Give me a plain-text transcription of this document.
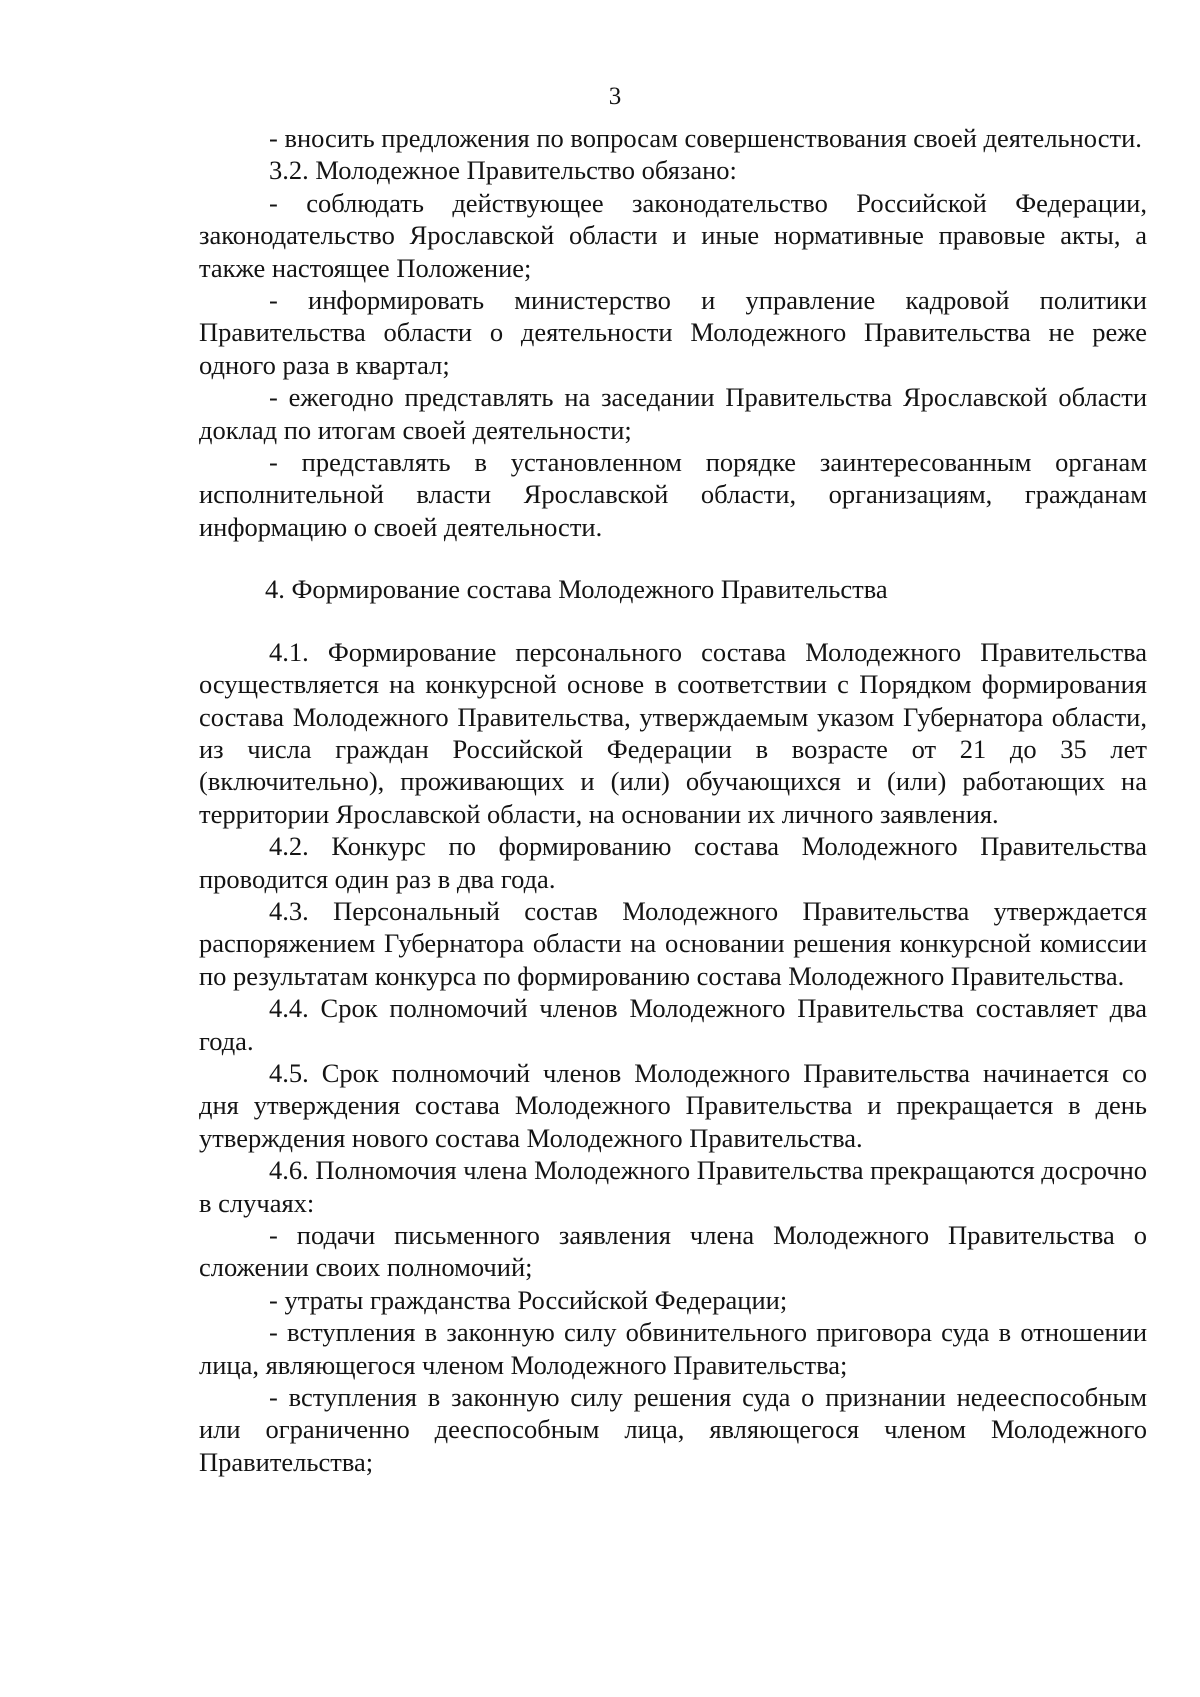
3

- вносить предложения по вопросам совершенствования своей деятельности.

3.2. Молодежное Правительство обязано:

- соблюдать действующее законодательство Российской Федерации, законодательство Ярославской области и иные нормативные правовые акты, а также настоящее Положение;

- информировать министерство и управление кадровой политики Правительства области о деятельности Молодежного Правительства не реже одного раза в квартал;

- ежегодно представлять на заседании Правительства Ярославской области доклад по итогам своей деятельности;

- представлять в установленном порядке заинтересованным органам исполнительной власти Ярославской области, организациям, гражданам информацию о своей деятельности.

4. Формирование состава Молодежного Правительства

4.1. Формирование персонального состава Молодежного Правительства осуществляется на конкурсной основе в соответствии с Порядком формирования состава Молодежного Правительства, утверждаемым указом Губернатора области, из числа граждан Российской Федерации в возрасте от 21 до 35 лет (включительно), проживающих и (или) обучающихся и (или) работающих на территории Ярославской области, на основании их личного заявления.

4.2. Конкурс по формированию состава Молодежного Правительства проводится один раз в два года.

4.3. Персональный состав Молодежного Правительства утверждается распоряжением Губернатора области на основании решения конкурсной комиссии по результатам конкурса по формированию состава Молодежного Правительства.

4.4. Срок полномочий членов Молодежного Правительства составляет два года.

4.5. Срок полномочий членов Молодежного Правительства начинается со дня утверждения состава Молодежного Правительства и прекращается в день утверждения нового состава Молодежного Правительства.

4.6. Полномочия члена Молодежного Правительства прекращаются досрочно в случаях:

- подачи письменного заявления члена Молодежного Правительства о сложении своих полномочий;

- утраты гражданства Российской Федерации;

- вступления в законную силу обвинительного приговора суда в отношении лица, являющегося членом Молодежного Правительства;

- вступления в законную силу решения суда о признании недееспособным или ограниченно дееспособным лица, являющегося членом Молодежного Правительства;
